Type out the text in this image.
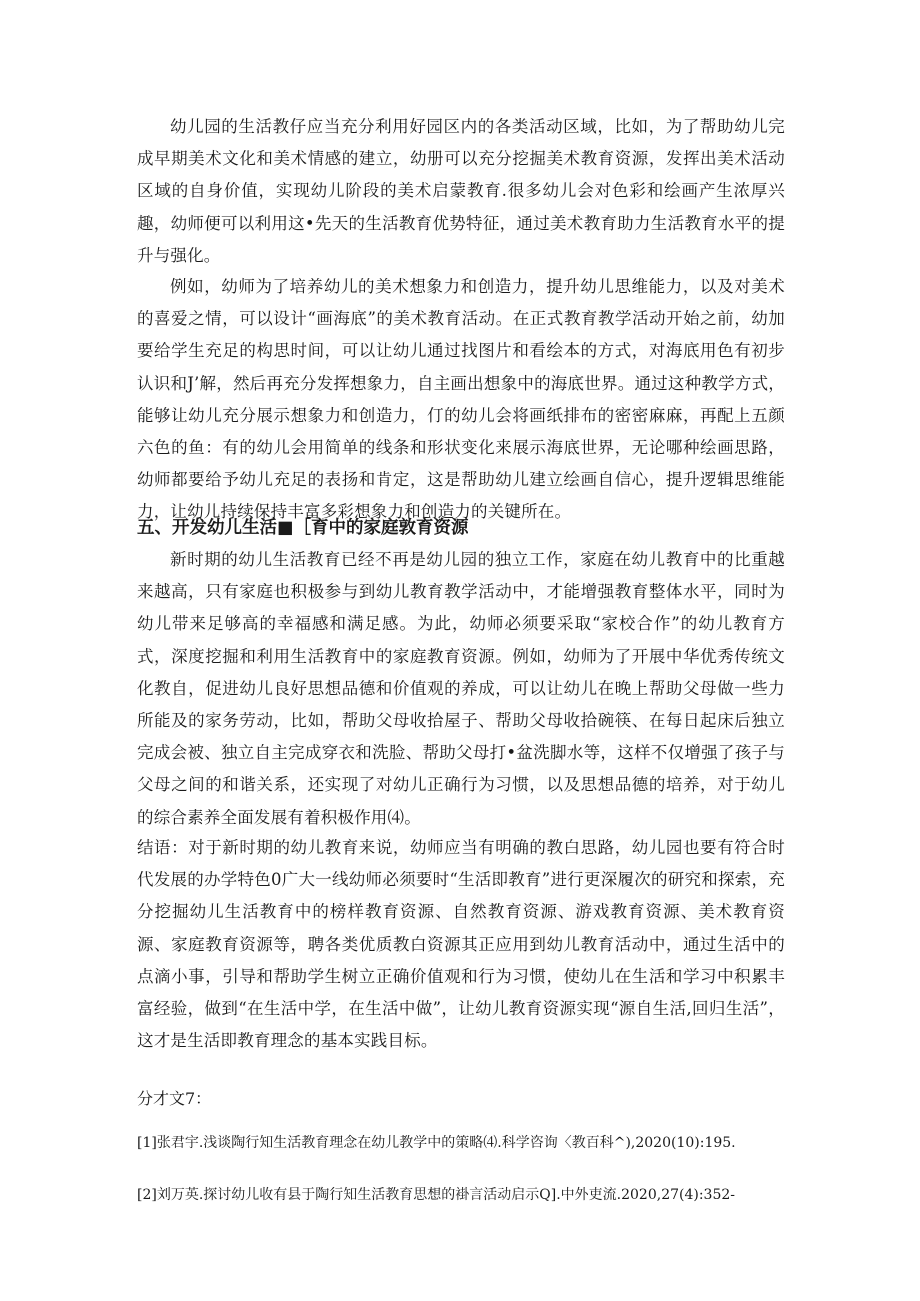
幼儿园的生活教仔应当充分利用好园区内的各类活动区域，比如，为了帮助幼儿完成早期美术文化和美术情感的建立，幼册可以充分挖掘美术教育资源，发挥出美术活动区域的自身价值，实现幼儿阶段的美术启蒙教育.很多幼儿会对色彩和绘画产生浓厚兴趣，幼师便可以利用这•先天的生活教育优势特征，通过美术教育助力生活教育水平的提升与强化。

例如，幼师为了培养幼儿的美术想象力和创造力，提升幼儿思维能力，以及对美术的喜爱之情，可以设计“画海底”的美术教育活动。在正式教育教学活动开始之前，幼加要给学生充足的构思时间，可以让幼儿通过找图片和看绘本的方式，对海底用色有初步认识和J’解，然后再充分发挥想象力，自主画出想象中的海底世界。通过这种教学方式，能够让幼儿充分展示想象力和创造力，仃的幼儿会将画纸排布的密密麻麻，再配上五颜六色的鱼：有的幼儿会用简单的线条和形状变化来展示海底世界，无论哪种绘画思路，幼师都要给予幼儿充足的表扬和肯定，这是帮助幼儿建立绘画自信心，提升逻辑思维能力，让幼儿持续保持丰富多彩想象力和创造力的关键所在。

五、开发幼儿生活■［育中的家庭敦育资源

新时期的幼儿生活教育已经不再是幼儿园的独立工作，家庭在幼儿教育中的比重越来越高，只有家庭也积极参与到幼儿教育教学活动中，才能增强教育整体水平，同时为幼儿带来足够高的幸福感和满足感。为此，幼师必须要采取“家校合作”的幼儿教育方式，深度挖掘和利用生活教育中的家庭教育资源。例如，幼师为了开展中华优秀传统文化教自，促进幼儿良好思想品德和价值观的养成，可以让幼儿在晚上帮助父母做一些力所能及的家务劳动，比如，帮助父母收拾屋子、帮助父母收拾碗筷、在每日起床后独立完成会被、独立自主完成穿衣和洗脸、帮助父母打•盆洗脚水等，这样不仅增强了孩子与父母之间的和谐关系，还实现了对幼儿正确行为习惯，以及思想品德的培养，对于幼儿的综合素养全面发展有着积极作用⑷。

结语：对于新时期的幼儿教育来说，幼师应当有明确的教白思路，幼儿园也要有符合时代发展的办学特色0广大一线幼师必须要时“生活即教育”进行更深履次的研究和探索，充分挖掘幼儿生活教育中的榜样教育资源、自然教育资源、游戏教育资源、美术教育资源、家庭教育资源等，聘各类优质教白资源其正应用到幼儿教育活动中，通过生活中的点滴小事，引导和帮助学生树立正确价值观和行为习惯，使幼儿在生活和学习中积累丰富经验，做到“在生活中学，在生活中做”，让幼儿教育资源实现“源自生活,回归生活”，这才是生活即教育理念的基本实践目标。

分才文7：

[1]张君宇.浅谈陶行知生活教育理念在幼儿教学中的策略⑷.科学咨询〈教百科^),2020(10):195.

[2]刘万英.探讨幼儿收有县于陶行知生活教育思想的褂言活动启示Q].中外吏流.2020,27(4):352-
